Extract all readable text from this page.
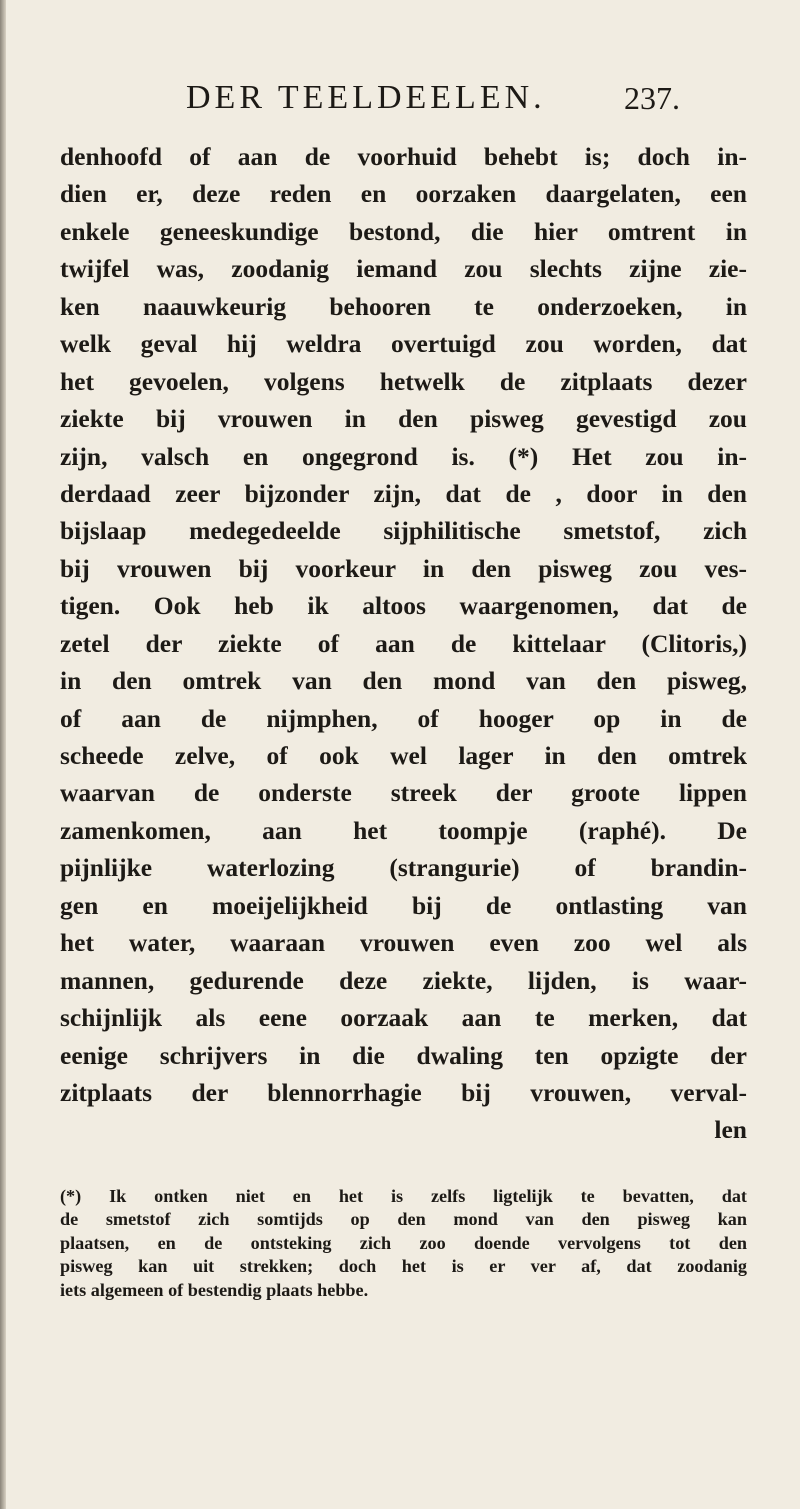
DER TEELDEELEN. 237.
denhoofd of aan de voorhuid behebt is; doch in-
dien er, deze reden en oorzaken daargelaten, een
enkele geneeskundige bestond, die hier omtrent in
twijfel was, zoodanig iemand zou slechts zijne zie-
ken naauwkeurig behooren te onderzoeken, in
welk geval hij weldra overtuigd zou worden, dat
het gevoelen, volgens hetwelk de zitplaats dezer
ziekte bij vrouwen in den pisweg gevestigd zou
zijn, valsch en ongegrond is. (*) Het zou in-
derdaad zeer bijzonder zijn, dat de , door in den
bijslaap medegedeelde sijphilitische smetstof, zich
bij vrouwen bij voorkeur in den pisweg zou ves-
tigen. Ook heb ik altoos waargenomen, dat de
zetel der ziekte of aan de kittelaar (Clitoris,)
in den omtrek van den mond van den pisweg,
of aan de nijmphen, of hooger op in de
scheede zelve, of ook wel lager in den omtrek
waarvan de onderste streek der groote lippen
zamenkomen, aan het toompje (raphé). De
pijnlijke waterlozing (strangurie) of brandin-
gen en moeijelijkheid bij de ontlasting van
het water, waaraan vrouwen even zoo wel als
mannen, gedurende deze ziekte, lijden, is waar-
schijnlijk als eene oorzaak aan te merken, dat
eenige schrijvers in die dwaling ten opzigte der
zitplaats der blennorrhagie bij vrouwen, verval-
len
(*) Ik ontken niet en het is zelfs ligtelijk te bevatten, dat
de smetstof zich somtijds op den mond van den pisweg kan
plaatsen, en de ontsteking zich zoo doende vervolgens tot den
pisweg kan uit strekken; doch het is er ver af, dat zoodanig
iets algemeen of bestendig plaats hebbe.
